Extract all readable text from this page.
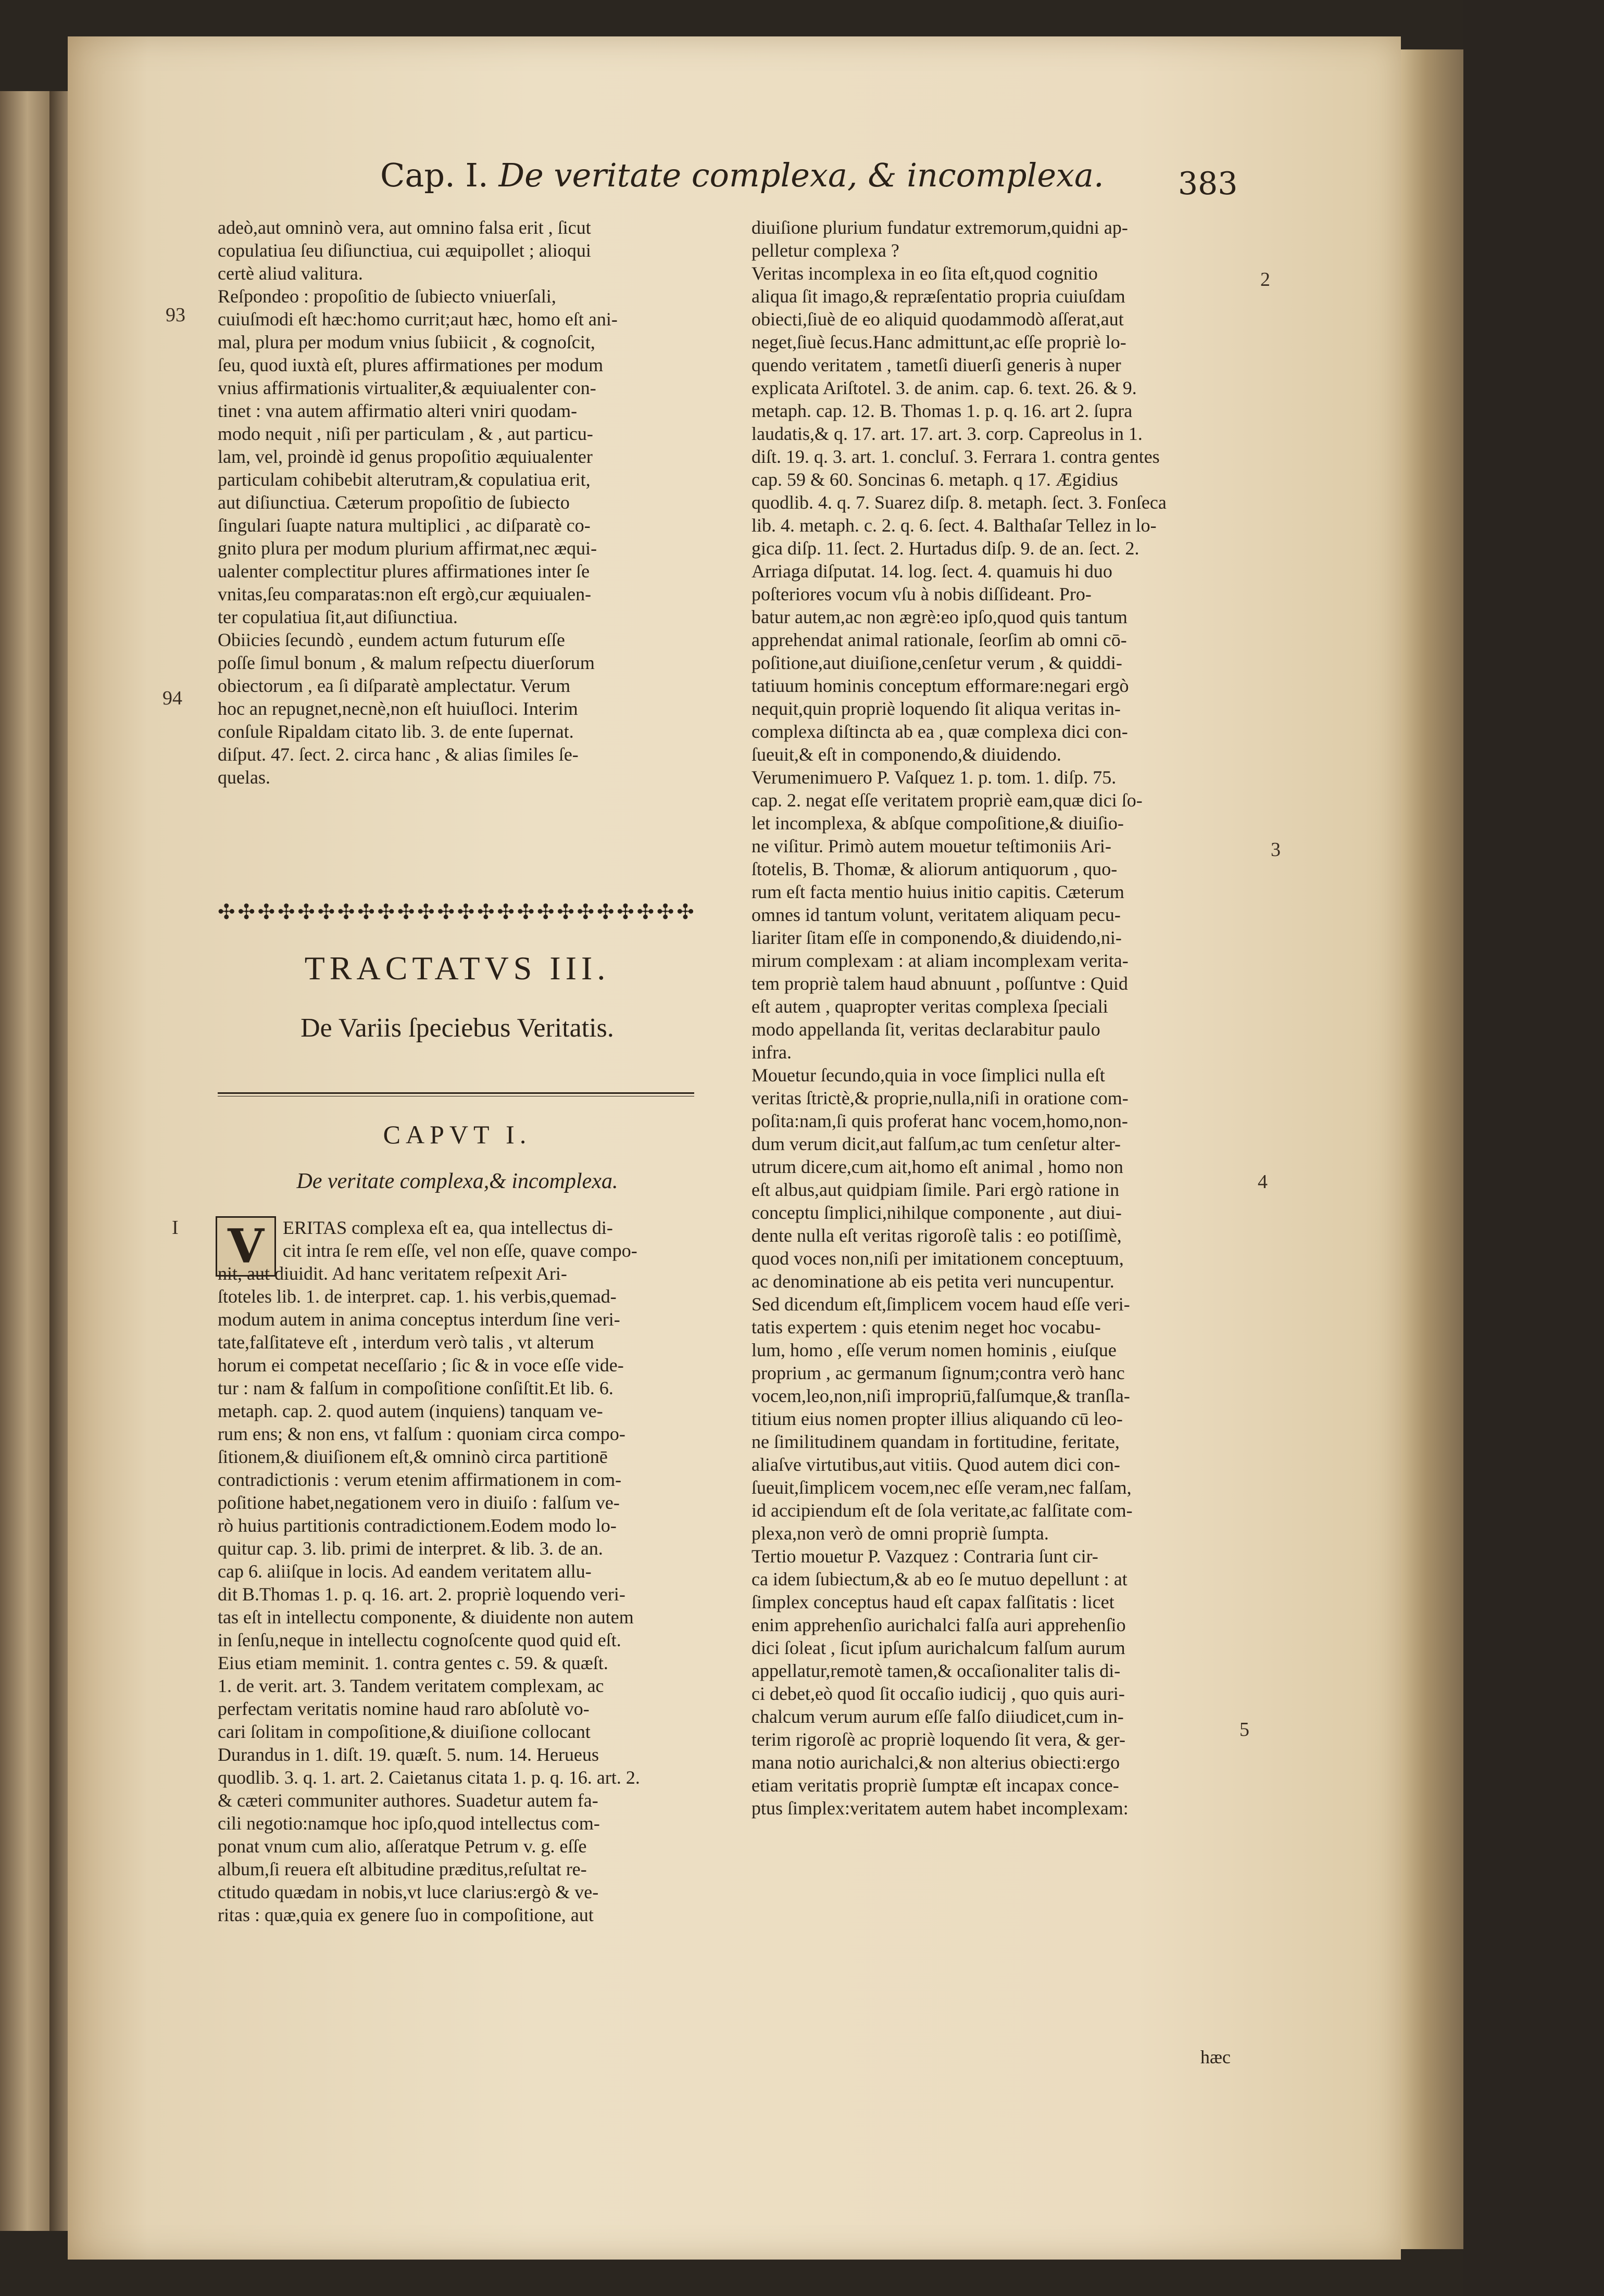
Cap. I. De veritate complexa, & incomplexa.	383

adeò,aut omninò vera, aut omnino falsa erit , ſicut

copulatiua ſeu diſiunctiua, cui æquipollet ; alioqui

certè aliud valitura.

Reſpondeo : propoſitio de ſubiecto vniuerſali,

cuiuſmodi eſt hæc:homo currit;aut hæc, homo eſt ani-

mal, plura per modum vnius ſubiicit , & cognoſcit,

ſeu, quod iuxtà eſt, plures affirmationes per modum

vnius affirmationis virtualiter,& æquiualenter con-

tinet : vna autem affirmatio alteri vniri quodam-

modo nequit , niſi per particulam , & , aut particu-

lam, vel, proindè id genus propoſitio æquiualenter

particulam cohibebit alterutram,& copulatiua erit,

aut diſiunctiua. Cæterum propoſitio de ſubiecto

ſingulari ſuapte natura multiplici , ac diſparatè co-

gnito plura per modum plurium affirmat,nec æqui-

ualenter complectitur plures affirmationes inter ſe

vnitas,ſeu comparatas:non eſt ergò,cur æquiualen-

ter copulatiua ſit,aut diſiunctiua.

Obiicies ſecundò , eundem actum futurum eſſe

poſſe ſimul bonum , & malum reſpectu diuerſorum

obiectorum , ea ſi diſparatè amplectatur. Verum

hoc an repugnet,necnè,non eſt huiuſloci. Interim

conſule Ripaldam citato lib. 3. de ente ſupernat.

diſput. 47. ſect. 2. circa hanc , & alias ſimiles ſe-

quelas.

✣ ✣ ✣ ✣ ✣ ✣ ✣ ✣ ✣ ✣ ✣ ✣ ✣ ✣ ✣ ✣ ✣ ✣ ✣ ✣ ✣ ✣ ✣ ✣
TRACTATVS III.
De Variis ſpeciebus Veritatis.
CAPVT I.
De veritate complexa,& incomplexa.
V	ERITAS complexa eſt ea, qua intellectus di-

cit intra ſe rem eſſe, vel non eſſe, quave compo-

nit, aut diuidit. Ad hanc veritatem reſpexit Ari-

ſtoteles lib. 1. de interpret. cap. 1. his verbis,quemad-

modum autem in anima conceptus interdum ſine veri-

tate,falſitateve eſt , interdum verò talis , vt alterum

horum ei competat neceſſario ; ſic & in voce eſſe vide-

tur : nam & falſum in compoſitione conſiſtit.Et lib. 6.

metaph. cap. 2. quod autem (inquiens) tanquam ve-

rum ens; & non ens, vt falſum : quoniam circa compo-

ſitionem,& diuiſionem eſt,& omninò circa partitionē

contradictionis : verum etenim affirmationem in com-

poſitione habet,negationem vero in diuiſo : falſum ve-

rò huius partitionis contradictionem.Eodem modo lo-

quitur cap. 3. lib. primi de interpret. & lib. 3. de an.

cap 6. aliiſque in locis. Ad eandem veritatem allu-

dit B.Thomas 1. p. q. 16. art. 2. propriè loquendo veri-

tas eſt in intellectu componente, & diuidente non autem

in ſenſu,neque in intellectu cognoſcente quod quid eſt.

Eius etiam meminit. 1. contra gentes c. 59. & quæſt.

1. de verit. art. 3. Tandem veritatem complexam, ac

perfectam veritatis nomine haud raro abſolutè vo-

cari ſolitam in compoſitione,& diuiſione collocant

Durandus in 1. diſt. 19. quæſt. 5. num. 14. Herueus

quodlib. 3. q. 1. art. 2. Caietanus citata 1. p. q. 16. art. 2.

& cæteri communiter authores. Suadetur autem fa-

cili negotio:namque hoc ipſo,quod intellectus com-

ponat vnum cum alio, aſſeratque Petrum v. g. eſſe

album,ſi reuera eſt albitudine præditus,reſultat re-

ctitudo quædam in nobis,vt luce clarius:ergò & ve-

ritas : quæ,quia ex genere ſuo in compoſitione, aut

diuiſione plurium fundatur extremorum,quidni ap-

pelletur complexa ?

Veritas incomplexa in eo ſita eſt,quod cognitio

aliqua ſit imago,& repræſentatio propria cuiuſdam

obiecti,ſiuè de eo aliquid quodammodò aſſerat,aut

neget,ſiuè ſecus.Hanc admittunt,ac eſſe propriè lo-

quendo veritatem , tametſi diuerſi generis à nuper

explicata Ariſtotel. 3. de anim. cap. 6. text. 26. & 9.

metaph. cap. 12. B. Thomas 1. p. q. 16. art 2. ſupra

laudatis,& q. 17. art. 17. art. 3. corp. Capreolus in 1.

diſt. 19. q. 3. art. 1. concluſ. 3. Ferrara 1. contra gentes

cap. 59 & 60. Soncinas 6. metaph. q 17. Ægidius

quodlib. 4. q. 7. Suarez diſp. 8. metaph. ſect. 3. Fonſeca

lib. 4. metaph. c. 2. q. 6. ſect. 4. Balthaſar Tellez in lo-

gica diſp. 11. ſect. 2. Hurtadus diſp. 9. de an. ſect. 2.

Arriaga diſputat. 14. log. ſect. 4. quamuis hi duo

poſteriores vocum vſu à nobis diſſideant. Pro-

batur autem,ac non ægrè:eo ipſo,quod quis tantum

apprehendat animal rationale, ſeorſim ab omni cō-

poſitione,aut diuiſione,cenſetur verum , & quiddi-

tatiuum hominis conceptum efformare:negari ergò

nequit,quin propriè loquendo ſit aliqua veritas in-

complexa diſtincta ab ea , quæ complexa dici con-

ſueuit,& eſt in componendo,& diuidendo.

Verumenimuero P. Vaſquez 1. p. tom. 1. diſp. 75.

cap. 2. negat eſſe veritatem propriè eam,quæ dici ſo-

let incomplexa, & abſque compoſitione,& diuiſio-

ne viſitur. Primò autem mouetur teſtimoniis Ari-

ſtotelis, B. Thomæ, & aliorum antiquorum , quo-

rum eſt facta mentio huius initio capitis. Cæterum

omnes id tantum volunt, veritatem aliquam pecu-

liariter ſitam eſſe in componendo,& diuidendo,ni-

mirum complexam : at aliam incomplexam verita-

tem propriè talem haud abnuunt , poſſuntve : Quid

eſt autem , quapropter veritas complexa ſpeciali

modo appellanda ſit, veritas declarabitur paulo

infra.

Mouetur ſecundo,quia in voce ſimplici nulla eſt

veritas ſtrictè,& proprie,nulla,niſi in oratione com-

poſita:nam,ſi quis proferat hanc vocem,homo,non-

dum verum dicit,aut falſum,ac tum cenſetur alter-

utrum dicere,cum ait,homo eſt animal , homo non

eſt albus,aut quidpiam ſimile. Pari ergò ratione in

conceptu ſimplici,nihilque componente , aut diui-

dente nulla eſt veritas rigoroſè talis : eo potiſſimè,

quod voces non,niſi per imitationem conceptuum,

ac denominatione ab eis petita veri nuncupentur.

Sed dicendum eſt,ſimplicem vocem haud eſſe veri-

tatis expertem : quis etenim neget hoc vocabu-

lum, homo , eſſe verum nomen hominis , eiuſque

proprium , ac germanum ſignum;contra verò hanc

vocem,leo,non,niſi impropriū,falſumque,& tranſla-

titium eius nomen propter illius aliquando cū leo-

ne ſimilitudinem quandam in fortitudine, feritate,

aliaſve virtutibus,aut vitiis. Quod autem dici con-

ſueuit,ſimplicem vocem,nec eſſe veram,nec falſam,

id accipiendum eſt de ſola veritate,ac falſitate com-

plexa,non verò de omni propriè ſumpta.

Tertio mouetur P. Vazquez : Contraria ſunt cir-

ca idem ſubiectum,& ab eo ſe mutuo depellunt : at

ſimplex conceptus haud eſt capax falſitatis : licet

enim apprehenſio aurichalci falſa auri apprehenſio

dici ſoleat , ſicut ipſum aurichalcum falſum aurum

appellatur,remotè tamen,& occaſionaliter talis di-

ci debet,eò quod ſit occaſio iudicij , quo quis auri-

chalcum verum aurum eſſe falſo diiudicet,cum in-

terim rigoroſè ac propriè loquendo ſit vera, & ger-

mana notio aurichalci,& non alterius obiecti:ergo

etiam veritatis propriè ſumptæ eſt incapax conce-

ptus ſimplex:veritatem autem habet incomplexam:

hæc
93
94
I
2
3
4
5
